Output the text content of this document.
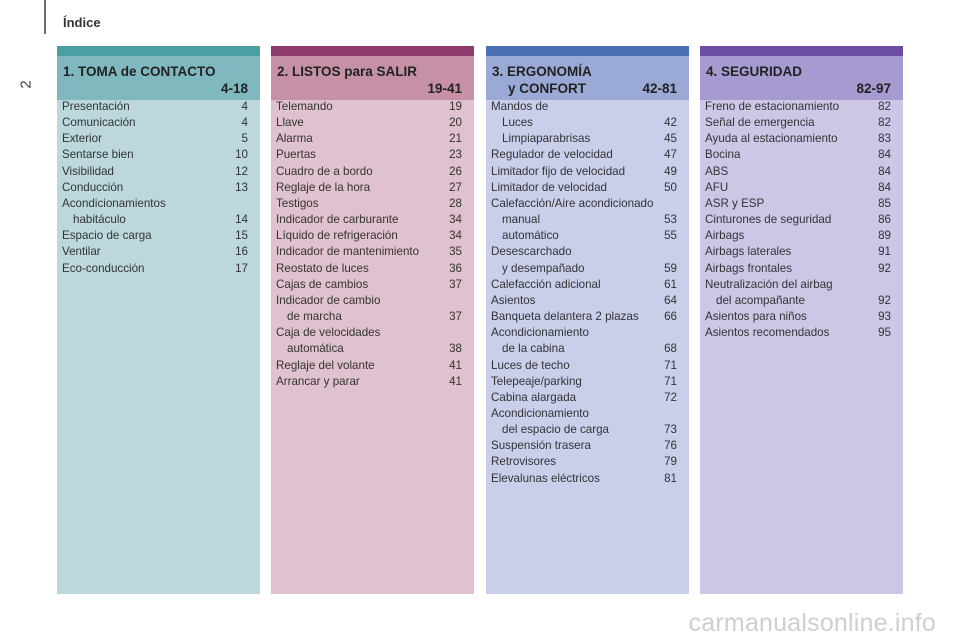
Índice
2
1. TOMA de CONTACTO
4-18
Presentación	4
Comunicación	4
Exterior	5
Sentarse bien	10
Visibilidad	12
Conducción	13
Acondicionamientos
habitáculo	14
Espacio de carga	15
Ventilar	16
Eco-conducción	17
2. LISTOS para SALIR
19-41
Telemando	19
Llave	20
Alarma	21
Puertas	23
Cuadro de a bordo	26
Reglaje de la hora	27
Testigos	28
Indicador de carburante	34
Líquido de refrigeración	34
Indicador de mantenimiento	35
Reostato de luces	36
Cajas de cambios	37
Indicador de cambio
de marcha	37
Caja de velocidades
automática	38
Reglaje del volante	41
Arrancar y parar	41
3. ERGONOMÍA
y CONFORT	42-81
Mandos de
Luces	42
Limpiaparabrisas	45
Regulador de velocidad	47
Limitador fijo de velocidad	49
Limitador de velocidad	50
Calefacción/Aire acondicionado
manual	53
automático	55
Desescarchado
y desempañado	59
Calefacción adicional	61
Asientos	64
Banqueta delantera 2 plazas 66
Acondicionamiento
de la cabina	68
Luces de techo	71
Telepeaje/parking	71
Cabina alargada	72
Acondicionamiento
del espacio de carga	73
Suspensión trasera	76
Retrovisores	79
Elevalunas eléctricos	81
4. SEGURIDAD
82-97
Freno de estacionamiento	82
Señal de emergencia	82
Ayuda al estacionamiento	83
Bocina	84
ABS	84
AFU	84
ASR y ESP	85
Cinturones de seguridad	86
Airbags	89
Airbags laterales	91
Airbags frontales	92
Neutralización del airbag
del acompañante	92
Asientos para niños	93
Asientos recomendados	95
carmanualsonline.info
